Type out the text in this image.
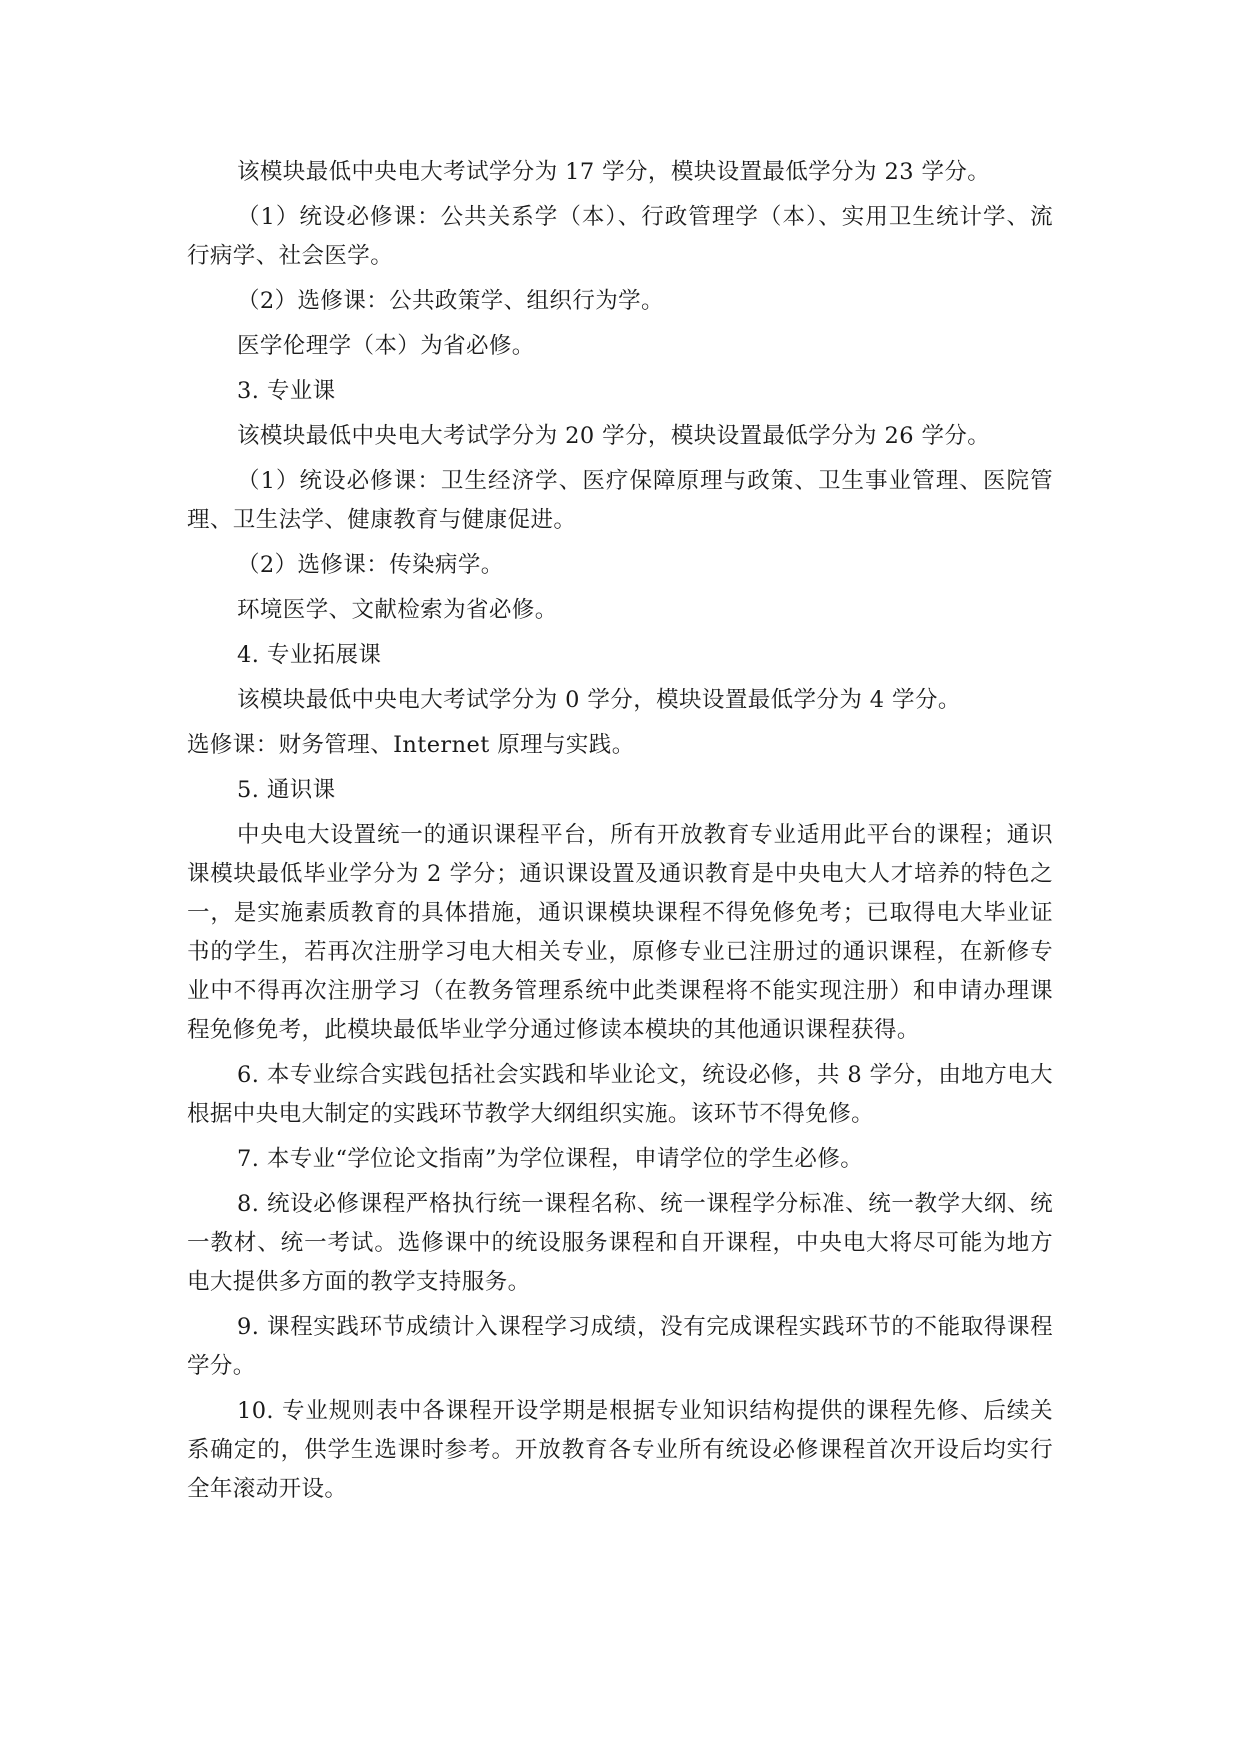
该模块最低中央电大考试学分为 17 学分，模块设置最低学分为 23 学分。

（1）统设必修课：公共关系学（本）、行政管理学（本）、实用卫生统计学、流行病学、社会医学。

（2）选修课：公共政策学、组织行为学。

医学伦理学（本）为省必修。

3. 专业课

该模块最低中央电大考试学分为 20 学分，模块设置最低学分为 26 学分。

（1）统设必修课：卫生经济学、医疗保障原理与政策、卫生事业管理、医院管理、卫生法学、健康教育与健康促进。

（2）选修课：传染病学。

环境医学、文献检索为省必修。

4. 专业拓展课

该模块最低中央电大考试学分为 0 学分，模块设置最低学分为 4 学分。

选修课：财务管理、Internet 原理与实践。

5. 通识课

中央电大设置统一的通识课程平台，所有开放教育专业适用此平台的课程；通识课模块最低毕业学分为 2 学分；通识课设置及通识教育是中央电大人才培养的特色之一，是实施素质教育的具体措施，通识课模块课程不得免修免考；已取得电大毕业证书的学生，若再次注册学习电大相关专业，原修专业已注册过的通识课程，在新修专业中不得再次注册学习（在教务管理系统中此类课程将不能实现注册）和申请办理课程免修免考，此模块最低毕业学分通过修读本模块的其他通识课程获得。

6. 本专业综合实践包括社会实践和毕业论文，统设必修，共 8 学分，由地方电大根据中央电大制定的实践环节教学大纲组织实施。该环节不得免修。

7. 本专业“学位论文指南”为学位课程，申请学位的学生必修。

8. 统设必修课程严格执行统一课程名称、统一课程学分标准、统一教学大纲、统一教材、统一考试。选修课中的统设服务课程和自开课程，中央电大将尽可能为地方电大提供多方面的教学支持服务。

9. 课程实践环节成绩计入课程学习成绩，没有完成课程实践环节的不能取得课程学分。

10. 专业规则表中各课程开设学期是根据专业知识结构提供的课程先修、后续关系确定的，供学生选课时参考。开放教育各专业所有统设必修课程首次开设后均实行全年滚动开设。
